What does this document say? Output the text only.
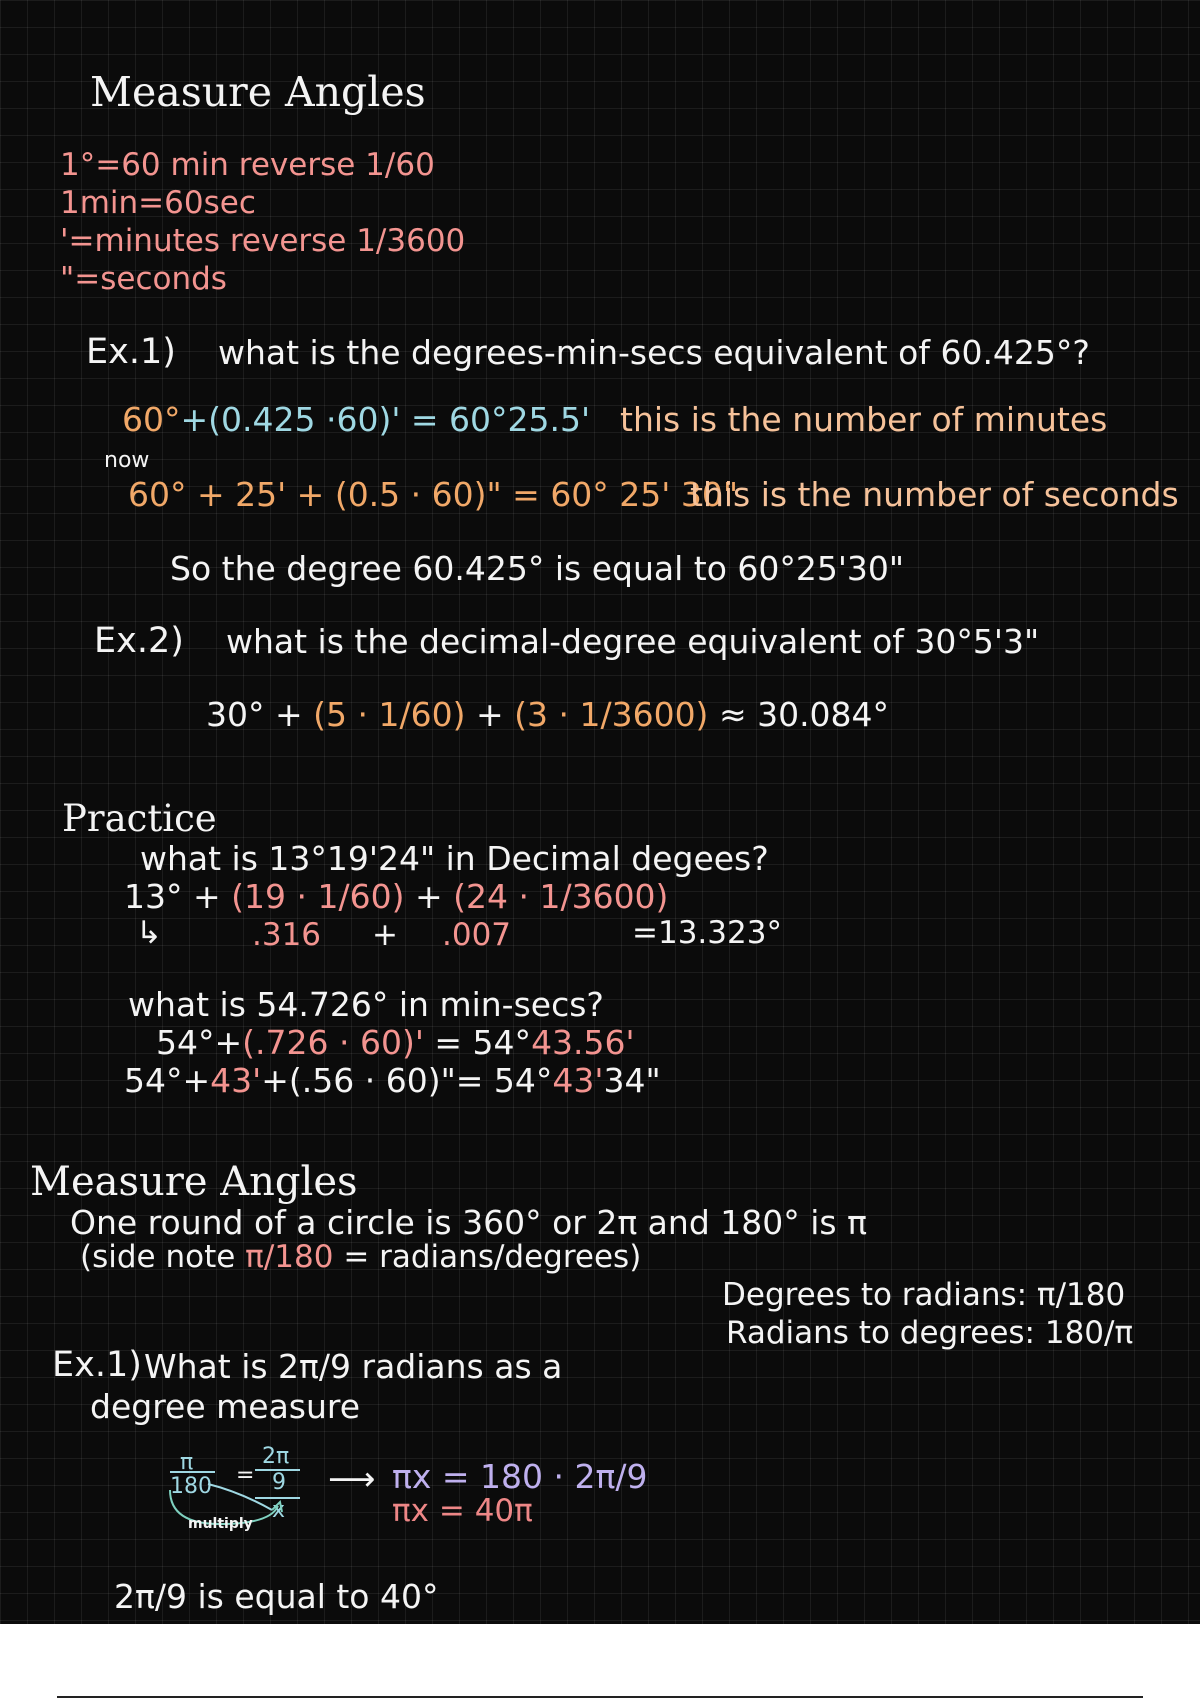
Measure Angles
1°=60 min reverse 1/60
1min=60sec
'=minutes reverse 1/3600
"=seconds
Ex.1) what is the degrees-min-secs equivalent of 60.425°?
60°+(0.425 ·60)' = 60°25.5' this is the number of minutes
now
60° + 25' + (0.5 · 60)" = 60° 25' 30"
this is the number of seconds
So the degree 60.425° is equal to 60°25'30"
Ex.2) what is the decimal-degree equivalent of 30°5'3"
30° + (5 · 1/60) + (3 · 1/3600) ≈ 30.084°
Practice
what is 13°19'24" in Decimal degees?
13° + (19 · 1/60) + (24 · 1/3600)
↳	.316 + .007	=13.323°
what is 54.726° in min-secs?
54°+(.726 · 60)' = 54°43.56'
54°+43'+(.56 · 60)"= 54°43'34"
Measure Angles
One round of a circle is 360° or 2π and 180° is π
(side note π/180 = radians/degrees)
Degrees to radians: π/180
Radians to degrees: 180/π
Ex.1) What is 2π/9 radians as a
degree measure
π
180 =
2π
9
x
multiply
⟶ πx = 180 · 2π/9
πx = 40π
2π/9 is equal to 40°
